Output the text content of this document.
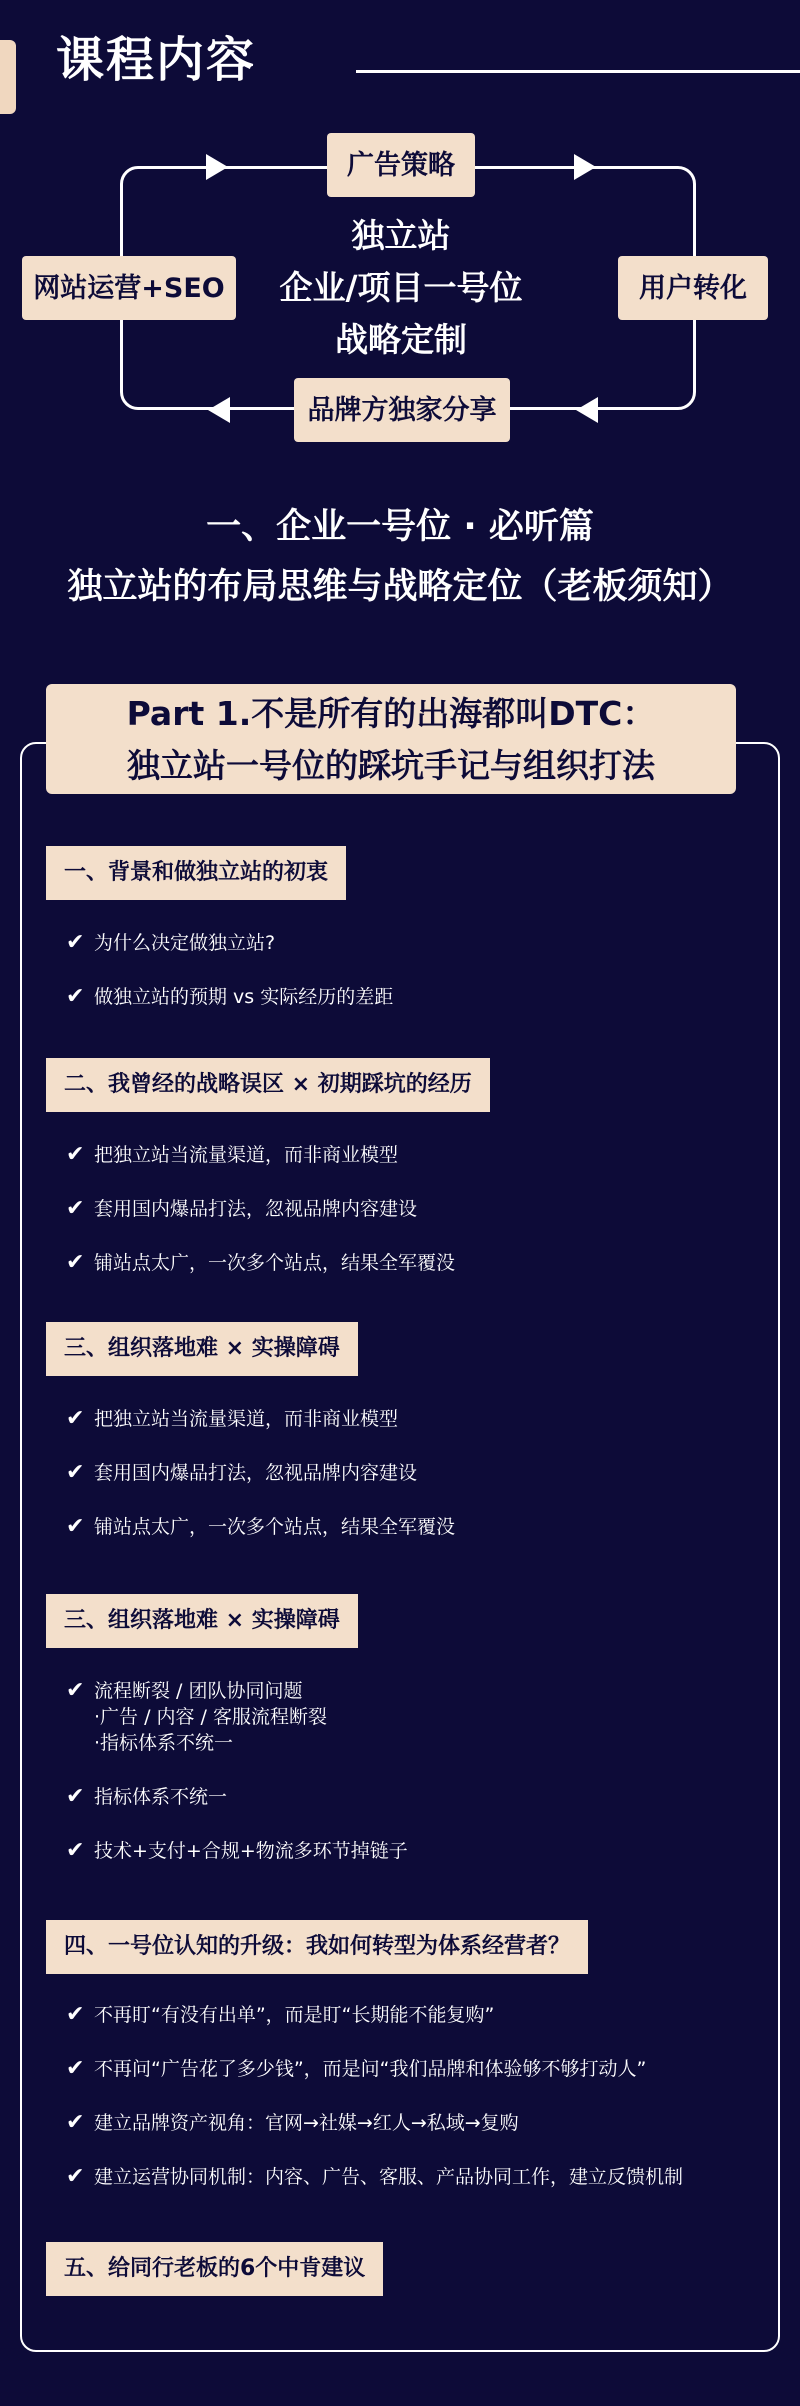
课程内容
广告策略
网站运营+SEO	用户转化
品牌方独家分享
独立站
企业/项目一号位
战略定制
一、企业一号位 · 必听篇
独立站的布局思维与战略定位（老板须知）
Part 1.不是所有的出海都叫DTC：
独立站一号位的踩坑手记与组织打法
一、背景和做独立站的初衷
✔ 为什么决定做独立站?
✔ 做独立站的预期 vs 实际经历的差距
二、我曾经的战略误区 × 初期踩坑的经历
✔ 把独立站当流量渠道，而非商业模型
✔ 套用国内爆品打法，忽视品牌内容建设
✔ 铺站点太广，一次多个站点，结果全军覆没
三、组织落地难 × 实操障碍
✔ 把独立站当流量渠道，而非商业模型
✔ 套用国内爆品打法，忽视品牌内容建设
✔ 铺站点太广，一次多个站点，结果全军覆没
三、组织落地难 × 实操障碍
✔ 流程断裂 / 团队协同问题
·广告 / 内容 / 客服流程断裂
·指标体系不统一
✔ 指标体系不统一
✔ 技术+支付+合规+物流多环节掉链子
四、一号位认知的升级：我如何转型为体系经营者？
✔ 不再盯“有没有出单”，而是盯“长期能不能复购”
✔ 不再问“广告花了多少钱”，而是问“我们品牌和体验够不够打动人”
✔ 建立品牌资产视角：官网→社媒→红人→私域→复购
✔ 建立运营协同机制：内容、广告、客服、产品协同工作，建立反馈机制
五、给同行老板的6个中肯建议
